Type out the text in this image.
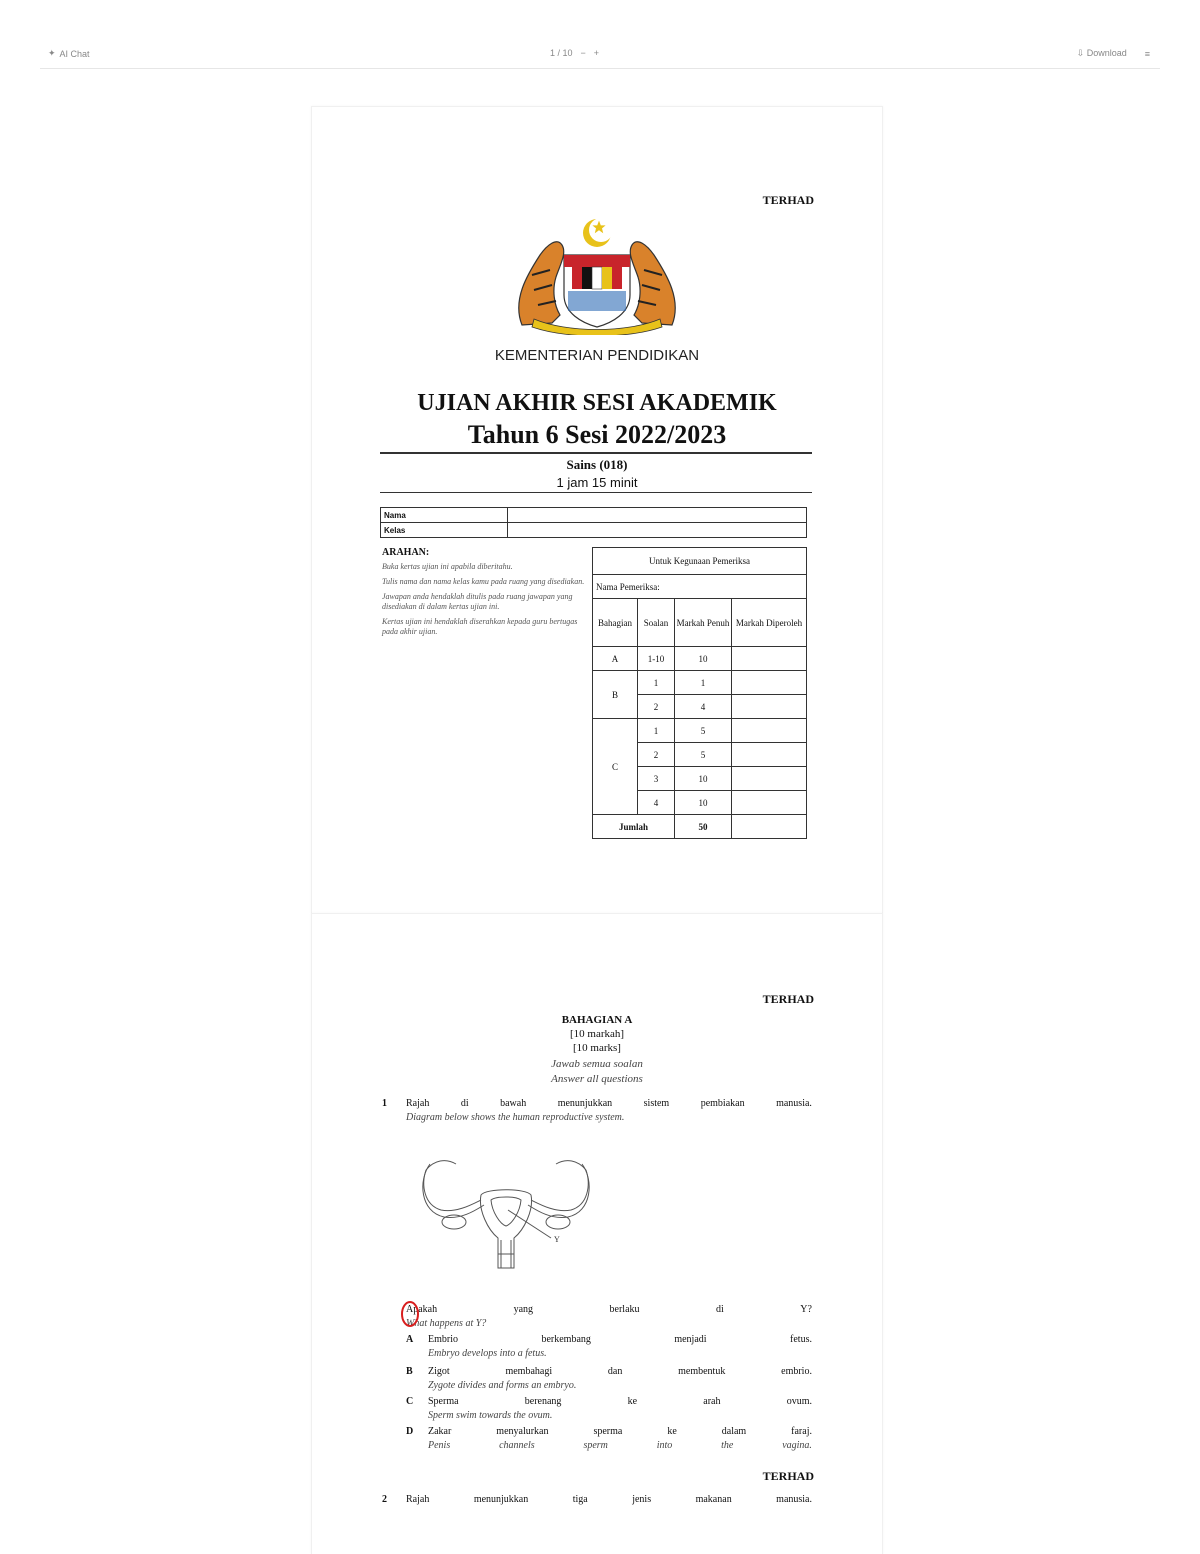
✦ AI Chat	1 / 10 − +	⇩ Download ≡
TERHAD
KEMENTERIAN PENDIDIKAN
UJIAN AKHIR SESI AKADEMIK
Tahun 6 Sesi 2022/2023
Sains (018)
1 jam 15 minit
Nama	
Kelas	
ARAHAN:

Buka kertas ujian ini apabila diberitahu.

Tulis nama dan nama kelas kamu pada ruang yang disediakan.

Jawapan anda hendaklah ditulis pada ruang jawapan yang disediakan di dalam kertas ujian ini.

Kertas ujian ini hendaklah diserahkan kepada guru bertugas pada akhir ujian.

Untuk Kegunaan Pemeriksa			
Nama Pemeriksa:			
Bahagian	Soalan	Markah Penuh	Markah Diperoleh
A	1-10	10	
B	1	1	
	2	4	
C	1	5	
	2	5	
	3	10	
	4	10	
Jumlah		50	
TERHAD
BAHAGIAN A
[10 markah]
[10 marks]
Jawab semua soalan
Answer all questions
1 Rajah	di	bawah	menunjukkan	sistem	pembiakan	manusia.
Diagram below shows the human reproductive system.
Y
Apakah	yang	berlaku	di	Y?
What happens at Y?
A Embrio	berkembang	menjadi	fetus.
Embryo develops into a fetus.
B Zigot	membahagi	dan	membentuk	embrio.
Zygote divides and forms an embryo.
C Sperma	berenang	ke	arah	ovum.
Sperm swim towards the ovum.
D Zakar	menyalurkan	sperma	ke	dalam	faraj.
Penis	channels	sperm	into	the	vagina.
TERHAD
2 Rajah	menunjukkan	tiga	jenis	makanan	manusia.
